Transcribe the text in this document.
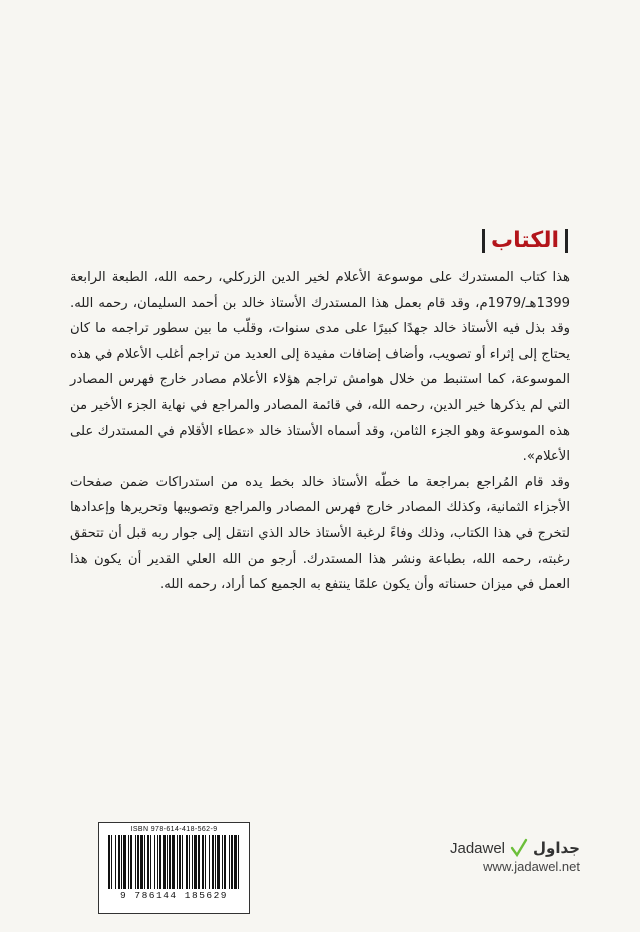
الكتاب

هذا كتاب المستدرك على موسوعة الأعلام لخير الدين الزركلي، رحمه الله، الطبعة الرابعة 1399هـ/1979م، وقد قام بعمل هذا المستدرك الأستاذ خالد بن أحمد السليمان، رحمه الله. وقد بذل فيه الأستاذ خالد جهدًا كبيرًا على مدى سنوات، وقلّب ما بين سطور تراجمه ما كان يحتاج إلى إثراء أو تصويب، وأضاف إضافات مفيدة إلى العديد من تراجم أغلب الأعلام في هذه الموسوعة، كما استنبط من خلال هوامش تراجم هؤلاء الأعلام مصادر خارج فهرس المصادر التي لم يذكرها خير الدين، رحمه الله، في قائمة المصادر والمراجع في نهاية الجزء الأخير من هذه الموسوعة وهو الجزء الثامن، وقد أسماه الأستاذ خالد «عطاء الأقلام في المستدرك على الأعلام».

وقد قام المُراجع بمراجعة ما خطّه الأستاذ خالد بخط يده من استدراكات ضمن صفحات الأجزاء الثمانية، وكذلك المصادر خارج فهرس المصادر والمراجع وتصويبها وتحريرها وإعدادها لتخرج في هذا الكتاب، وذلك وفاءً لرغبة الأستاذ خالد الذي انتقل إلى جوار ربه قبل أن تتحقق رغبته، رحمه الله، بطباعة ونشر هذا المستدرك. أرجو من الله العلي القدير أن يكون هذا العمل في ميزان حسناته وأن يكون علمًا ينتفع به الجميع كما أراد، رحمه الله.

ISBN 978-614-418-562-9
9 786144 185629
Jadawel جداول
www.jadawel.net
